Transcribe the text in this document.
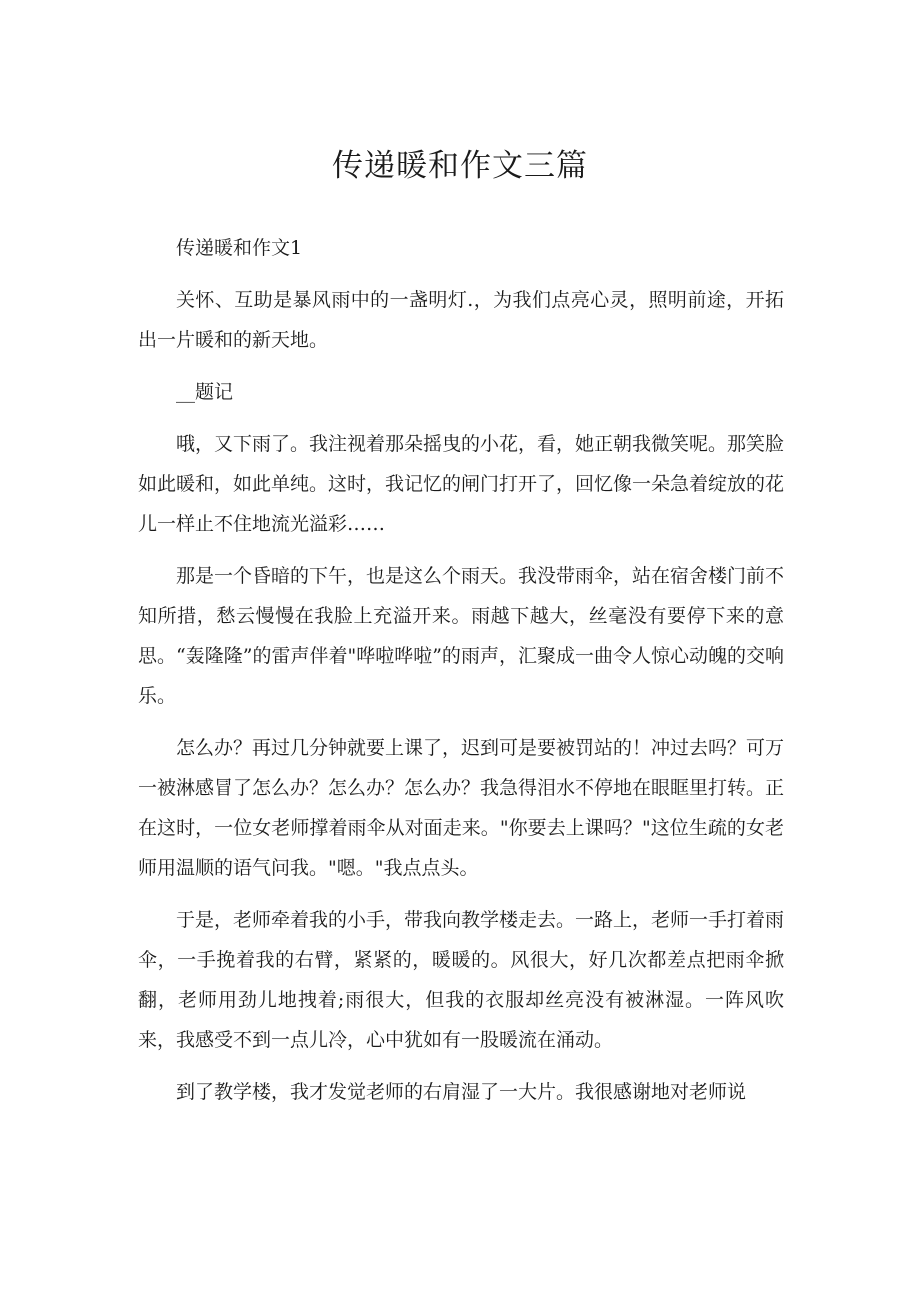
传递暖和作文三篇

传递暖和作文1

关怀、互助是暴风雨中的一盏明灯.，为我们点亮心灵，照明前途，开拓出一片暖和的新天地。

__题记

哦，又下雨了。我注视着那朵摇曳的小花，看，她正朝我微笑呢。那笑脸如此暖和，如此单纯。这时，我记忆的闸门打开了，回忆像一朵急着绽放的花儿一样止不住地流光溢彩……

那是一个昏暗的下午，也是这么个雨天。我没带雨伞，站在宿舍楼门前不知所措，愁云慢慢在我脸上充溢开来。雨越下越大，丝毫没有要停下来的意思。“轰隆隆”的雷声伴着"哗啦哗啦”的雨声，汇聚成一曲令人惊心动魄的交响乐。

怎么办？再过几分钟就要上课了，迟到可是要被罚站的！冲过去吗？可万一被淋感冒了怎么办？怎么办？怎么办？我急得泪水不停地在眼眶里打转。正在这时，一位女老师撑着雨伞从对面走来。"你要去上课吗？"这位生疏的女老师用温顺的语气问我。"嗯。"我点点头。

于是，老师牵着我的小手，带我向教学楼走去。一路上，老师一手打着雨伞，一手挽着我的右臂，紧紧的，暖暖的。风很大，好几次都差点把雨伞掀翻，老师用劲儿地拽着;雨很大，但我的衣服却丝亮没有被淋湿。一阵风吹来，我感受不到一点儿冷，心中犹如有一股暖流在涌动。

到了教学楼，我才发觉老师的右肩湿了一大片。我很感谢地对老师说
